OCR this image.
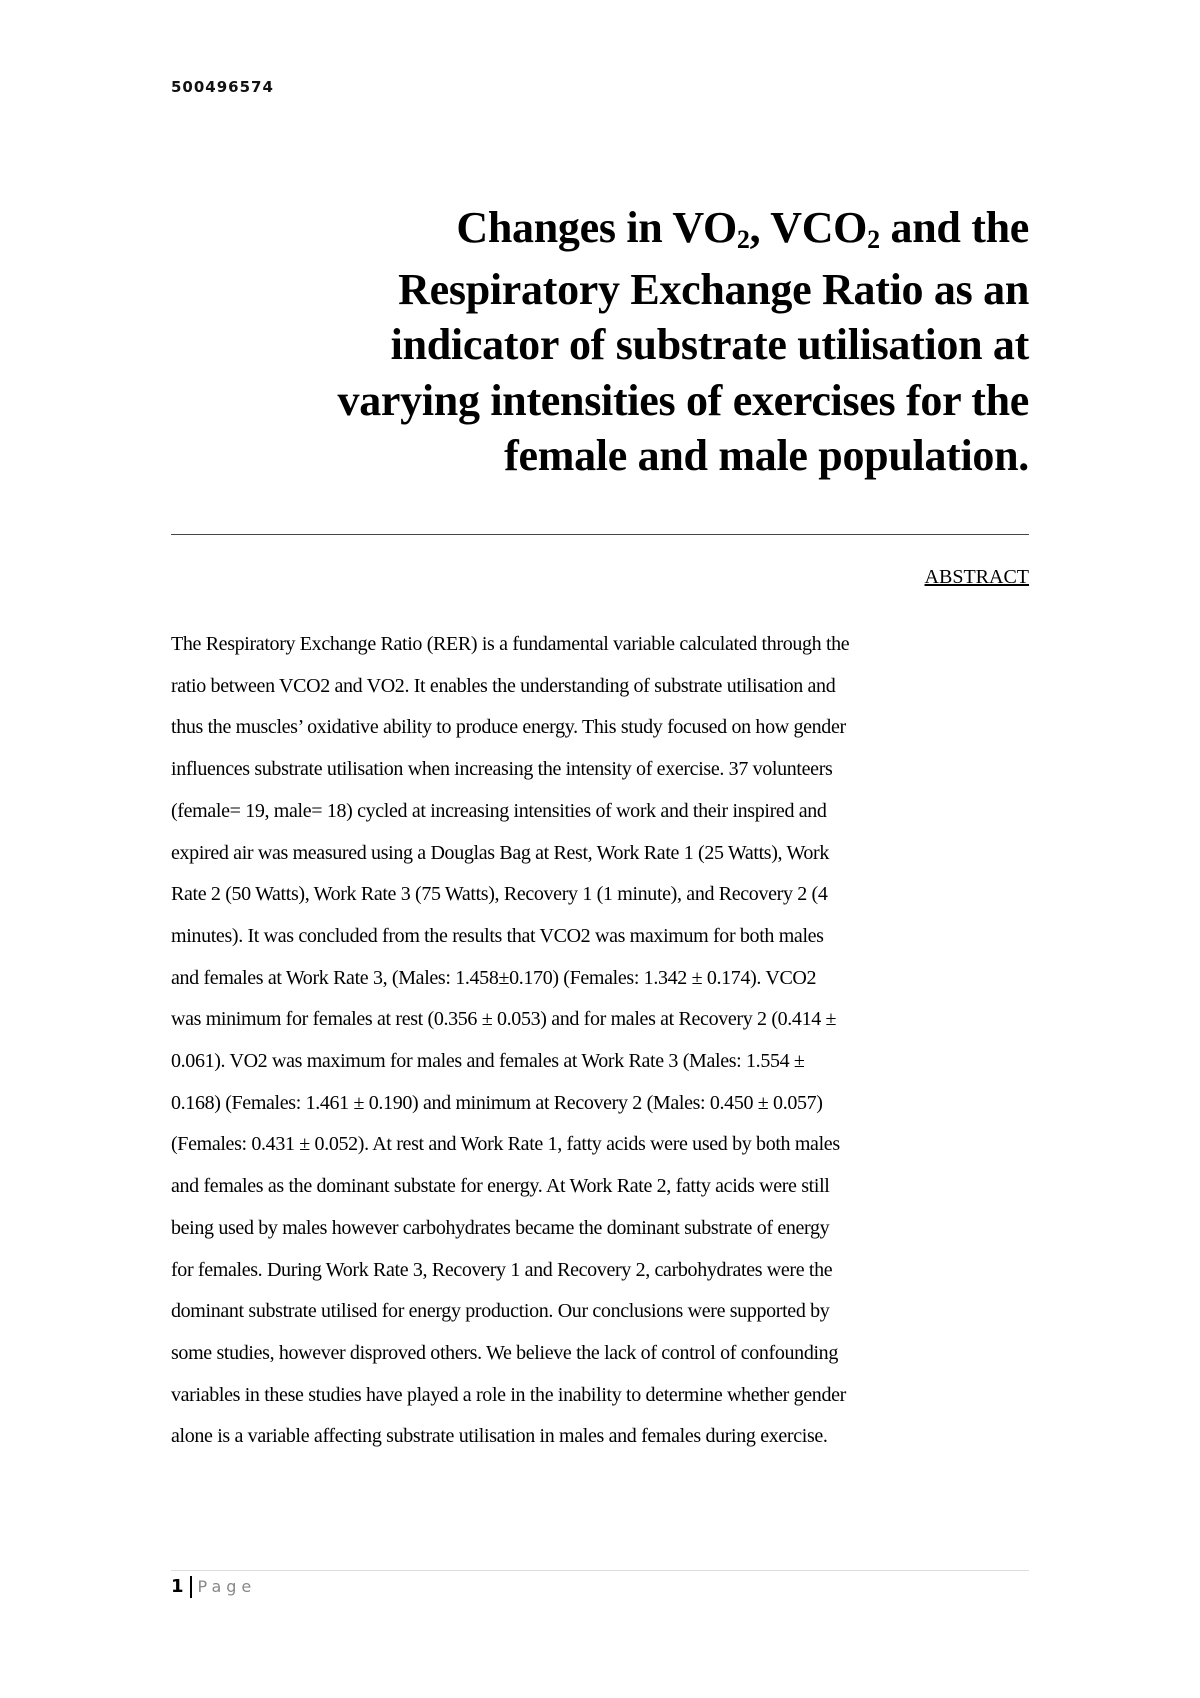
500496574
Changes in $VO_2$, $VCO_2$ and the
Respiratory Exchange Ratio as an
indicator of substrate utilisation at
varying intensities of exercises for the
female and male population.
ABSTRACT
The Respiratory Exchange Ratio (RER) is a fundamental variable calculated through the
ratio between VCO2 and VO2. It enables the understanding of substrate utilisation and
thus the muscles’ oxidative ability to produce energy. This study focused on how gender
influences substrate utilisation when increasing the intensity of exercise. 37 volunteers
(female= 19, male= 18) cycled at increasing intensities of work and their inspired and
expired air was measured using a Douglas Bag at Rest, Work Rate 1 (25 Watts), Work
Rate 2 (50 Watts), Work Rate 3 (75 Watts), Recovery 1 (1 minute), and Recovery 2 (4
minutes). It was concluded from the results that VCO2 was maximum for both males
and females at Work Rate 3, (Males: 1.458±0.170) (Females: 1.342 ± 0.174). VCO2
was minimum for females at rest (0.356 ± 0.053) and for males at Recovery 2 (0.414 ±
0.061). VO2 was maximum for males and females at Work Rate 3 (Males: 1.554 ±
0.168) (Females: 1.461 ± 0.190) and minimum at Recovery 2 (Males: 0.450 ± 0.057)
(Females: 0.431 ± 0.052). At rest and Work Rate 1, fatty acids were used by both males
and females as the dominant substate for energy. At Work Rate 2, fatty acids were still
being used by males however carbohydrates became the dominant substrate of energy
for females. During Work Rate 3, Recovery 1 and Recovery 2, carbohydrates were the
dominant substrate utilised for energy production. Our conclusions were supported by
some studies, however disproved others. We believe the lack of control of confounding
variables in these studies have played a role in the inability to determine whether gender
alone is a variable affecting substrate utilisation in males and females during exercise.
1 Page
